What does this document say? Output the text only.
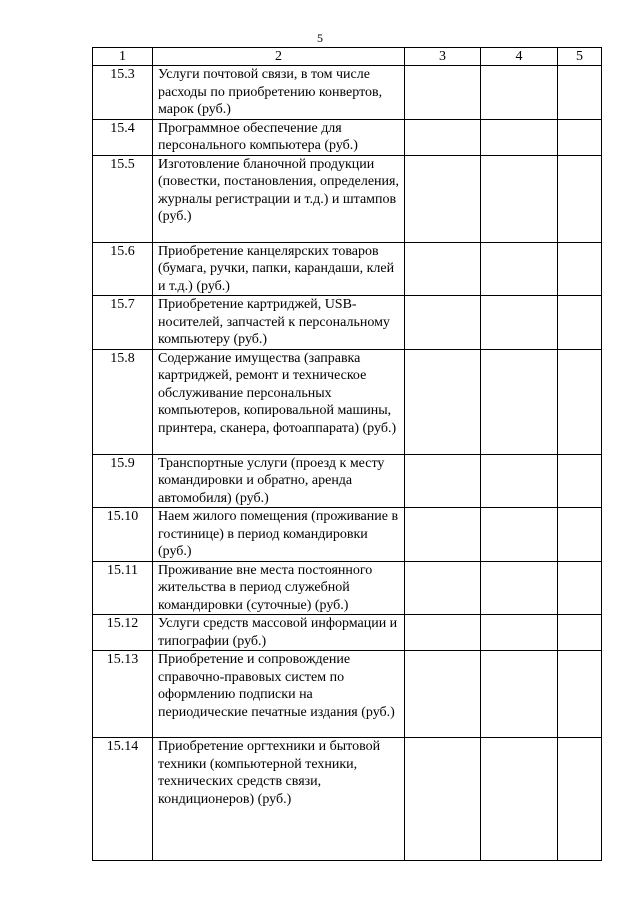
5
1	2	3	4	5
15.3	Услуги почтовой связи, в том числе расходы по приобретению конвертов, марок (руб.)			
15.4	Программное обеспечение для персонального компьютера (руб.)			
15.5	Изготовление бланочной продукции (повестки, постановления, определения, журналы регистрации и т.д.) и штампов (руб.)			
15.6	Приобретение канцелярских товаров (бумага, ручки, папки, карандаши, клей и т.д.) (руб.)			
15.7	Приобретение картриджей, USB-носителей, запчастей к персональному компьютеру (руб.)			
15.8	Содержание имущества (заправка картриджей, ремонт и техническое обслуживание персональных компьютеров, копировальной машины, принтера, сканера, фотоаппарата) (руб.)			
15.9	Транспортные услуги (проезд к месту командировки и обратно, аренда автомобиля) (руб.)			
15.10	Наем жилого помещения (проживание в гостинице) в период командировки (руб.)			
15.11	Проживание вне места постоянного жительства в период служебной командировки (суточные) (руб.)			
15.12	Услуги средств массовой информации и типографии (руб.)			
15.13	Приобретение и сопровождение справочно-правовых систем по оформлению подписки на периодические печатные издания (руб.)			
15.14	Приобретение оргтехники и бытовой техники (компьютерной техники, технических средств связи, кондиционеров) (руб.)			
